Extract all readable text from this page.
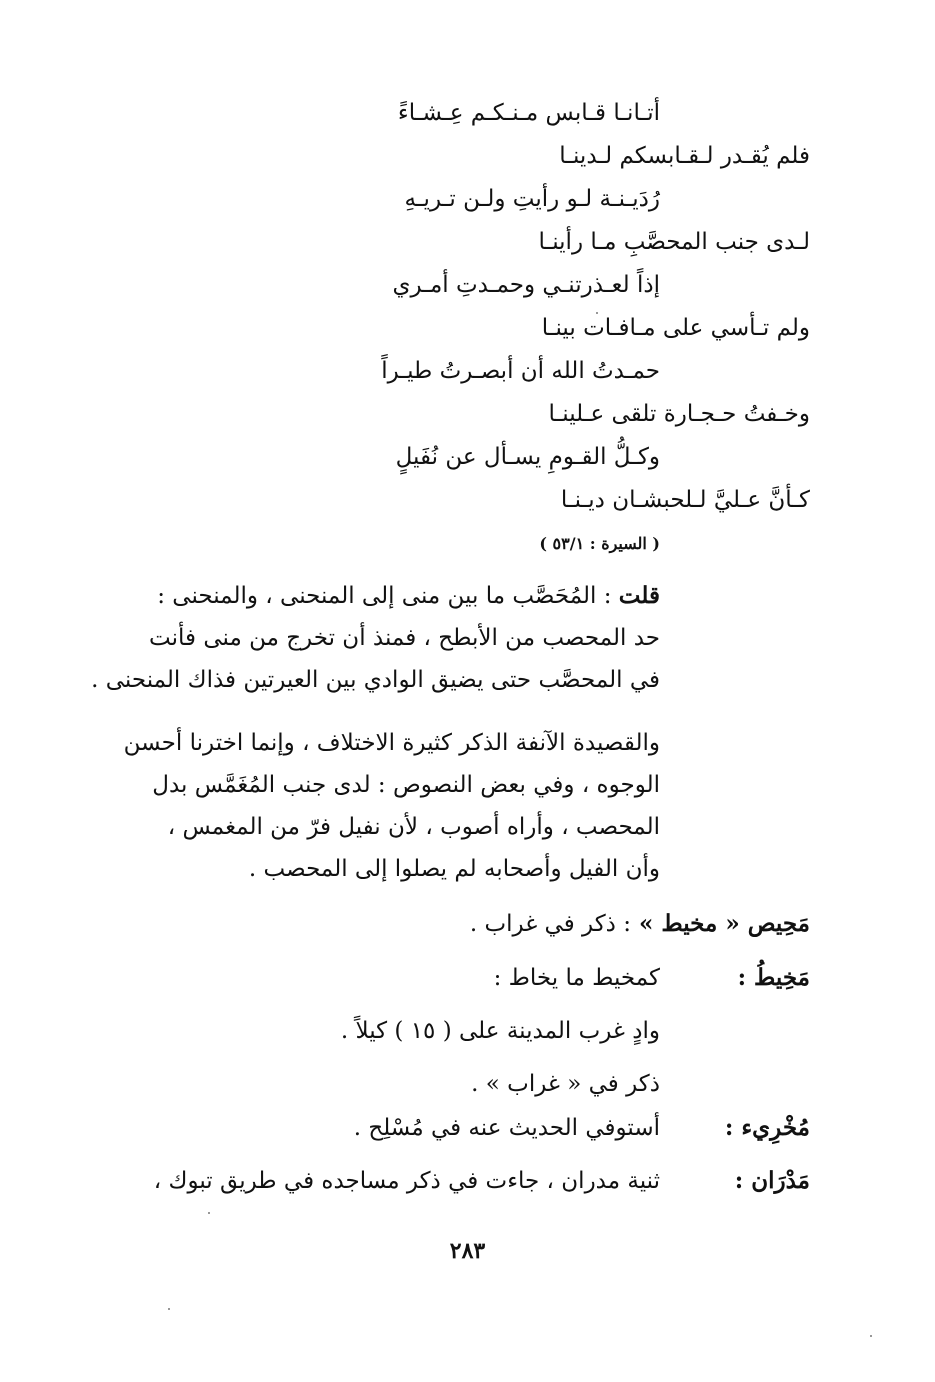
أتـانـا قـابس مـنـكـم عِـشـاءً
فلم يُقـدر لـقـابسكم لـدينـا
رُدَيـنـة لـو رأيتِ ولـن تـريـهِ
لـدى جنب المحصَّبِ مـا رأينـا
إذاً لعـذرتنـي وحمـدتِ أمـري
ولم تـأسي على مـافـات بينـا
حمـدتُ الله أن أبصـرتُ طيـراً
وخـفتُ حـجـارة تلقى عـلينـا
وكـلُّ القـومِ يسـأل عن نُفَيلٍ
كـأنَّ عـليَّ لـلحبشـان ديـنـا
( السيرة : ٥٣/١ )
قلت : المُحَصَّب ما بين منى إلى المنحنى ، والمنحنى :
حد المحصب من الأبطح ، فمنذ أن تخرج من منى فأنت
في المحصَّب حتى يضيق الوادي بين العيرتين فذاك المنحنى .
والقصيدة الآنفة الذكر كثيرة الاختلاف ، وإنما اخترنا أحسن
الوجوه ، وفي بعض النصوص : لدى جنب المُغَمَّس بدل
المحصب ، وأراه أصوب ، لأن نفيل فرّ من المغمس ،
وأن الفيل وأصحابه لم يصلوا إلى المحصب .
مَحِيص « مخيط » : ذكر في غراب .
مَخِيطُ :
كمخيط ما يخاط :
وادٍ غرب المدينة على ( ١٥ ) كيلاً .
ذكر في « غراب » .
مُخْرِيء :
أستوفي الحديث عنه في مُسْلِح .
مَدْرَان :
ثنية مدران ، جاءت في ذكر مساجده في طريق تبوك ،
٢٨٣
